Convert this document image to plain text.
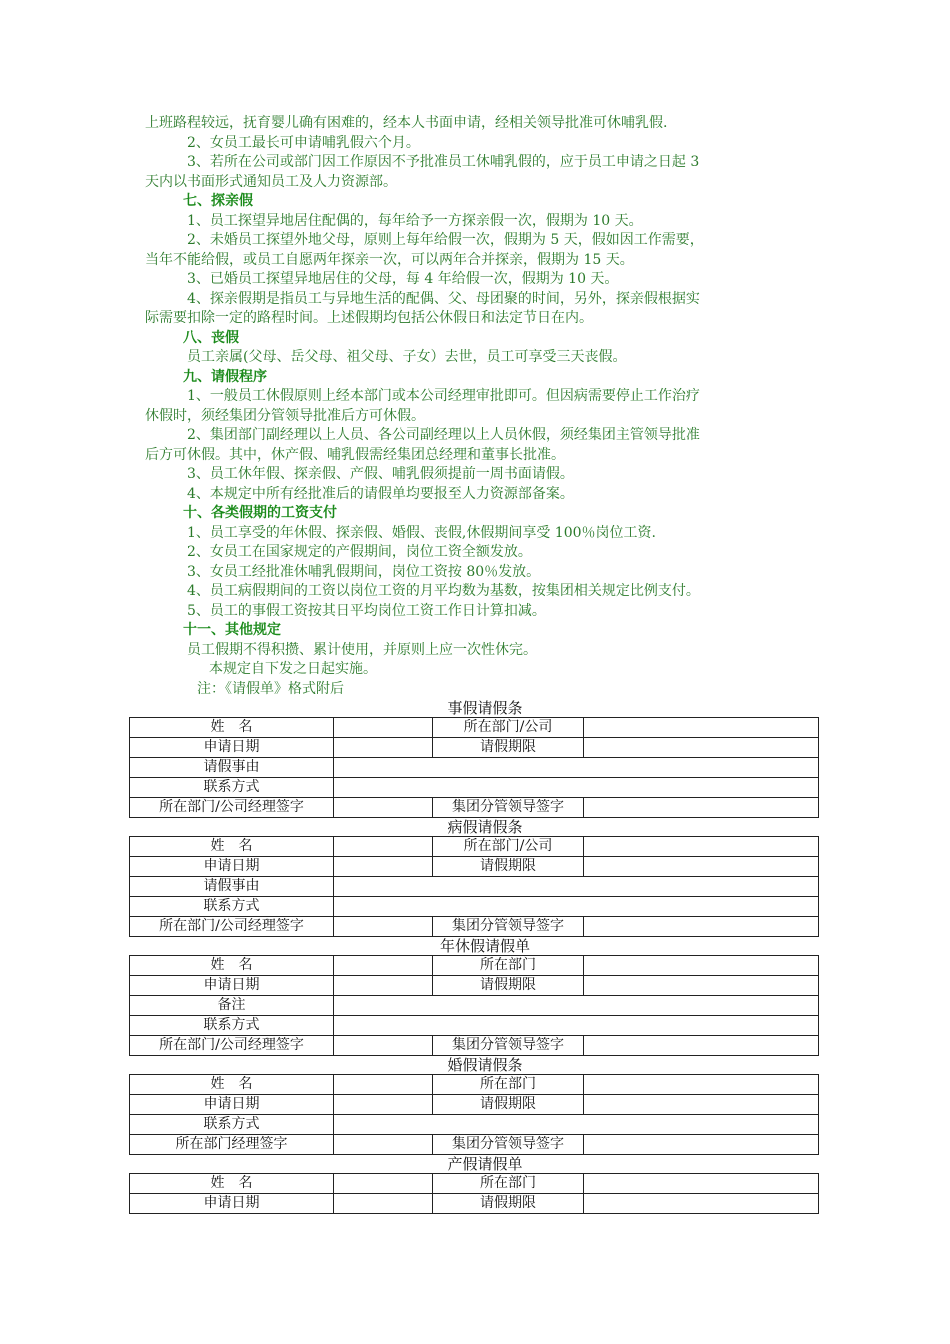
上班路程较远，抚育婴儿确有困难的，经本人书面申请，经相关领导批准可休哺乳假.

2、女员工最长可申请哺乳假六个月。

3、若所在公司或部门因工作原因不予批准员工休哺乳假的，应于员工申请之日起 3

天内以书面形式通知员工及人力资源部。

七、探亲假

1、员工探望异地居住配偶的，每年给予一方探亲假一次，假期为 10 天。

2、未婚员工探望外地父母，原则上每年给假一次，假期为 5 天，假如因工作需要，

当年不能给假，或员工自愿两年探亲一次，可以两年合并探亲，假期为 15 天。

3、已婚员工探望异地居住的父母，每 4 年给假一次，假期为 10 天。

4、探亲假期是指员工与异地生活的配偶、父、母团聚的时间，另外，探亲假根据实

际需要扣除一定的路程时间。上述假期均包括公休假日和法定节日在内。

八、丧假

员工亲属(父母、岳父母、祖父母、子女）去世，员工可享受三天丧假。

九、请假程序

1、一般员工休假原则上经本部门或本公司经理审批即可。但因病需要停止工作治疗

休假时，须经集团分管领导批准后方可休假。

2、集团部门副经理以上人员、各公司副经理以上人员休假，须经集团主管领导批准

后方可休假。其中，休产假、哺乳假需经集团总经理和董事长批准。

3、员工休年假、探亲假、产假、哺乳假须提前一周书面请假。

4、本规定中所有经批准后的请假单均要报至人力资源部备案。

十、各类假期的工资支付

1、员工享受的年休假、探亲假、婚假、丧假,休假期间享受 100％岗位工资.

2、女员工在国家规定的产假期间，岗位工资全额发放。

3、女员工经批准休哺乳假期间，岗位工资按 80％发放。

4、员工病假期间的工资以岗位工资的月平均数为基数，按集团相关规定比例支付。

5、员工的事假工资按其日平均岗位工资工作日计算扣减。

十一、其他规定

员工假期不得积攒、累计使用，并原则上应一次性休完。

本规定自下发之日起实施。

注：《请假单》格式附后

事假请假条

姓　名		所在部门/公司	
申请日期		请假期限	
请假事由			
联系方式			
所在部门/公司经理签字		集团分管领导签字	

病假请假条

姓　名		所在部门/公司	
申请日期		请假期限	
请假事由			
联系方式			
所在部门/公司经理签字		集团分管领导签字	

年休假请假单

姓　名		所在部门	
申请日期		请假期限	
备注			
联系方式			
所在部门/公司经理签字		集团分管领导签字	

婚假请假条

姓　名		所在部门	
申请日期		请假期限	
联系方式			
所在部门经理签字		集团分管领导签字	

产假请假单

姓　名		所在部门	
申请日期		请假期限	
